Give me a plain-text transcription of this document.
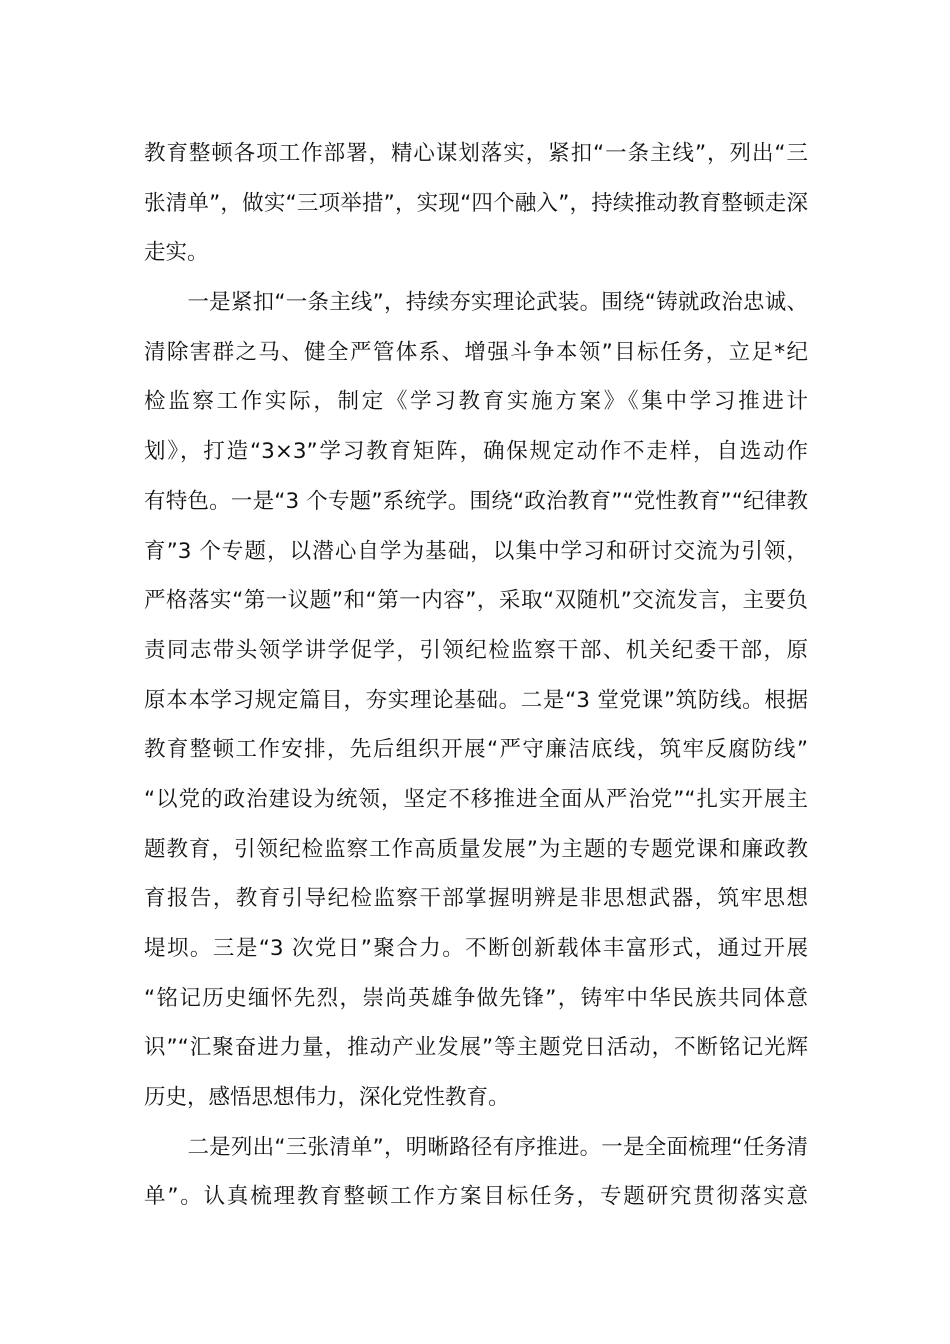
教育整顿各项工作部署，精心谋划落实，紧扣“一条主线”，列出“三
张清单”，做实“三项举措”，实现“四个融入”，持续推动教育整顿走深
走实。
　　一是紧扣“一条主线”，持续夯实理论武装。围绕“铸就政治忠诚、
清除害群之马、健全严管体系、增强斗争本领”目标任务，立足*纪
检监察工作实际，制定《学习教育实施方案》《集中学习推进计
划》，打造“3×3”学习教育矩阵，确保规定动作不走样，自选动作
有特色。一是“3 个专题”系统学。围绕“政治教育”“党性教育”“纪律教
育”3 个专题，以潜心自学为基础，以集中学习和研讨交流为引领，
严格落实“第一议题”和“第一内容”，采取“双随机”交流发言，主要负
责同志带头领学讲学促学，引领纪检监察干部、机关纪委干部，原
原本本学习规定篇目，夯实理论基础。二是“3 堂党课”筑防线。根据
教育整顿工作安排，先后组织开展“严守廉洁底线，筑牢反腐防线”
“以党的政治建设为统领，坚定不移推进全面从严治党”“扎实开展主
题教育，引领纪检监察工作高质量发展”为主题的专题党课和廉政教
育报告，教育引导纪检监察干部掌握明辨是非思想武器，筑牢思想
堤坝。三是“3 次党日”聚合力。不断创新载体丰富形式，通过开展
“铭记历史缅怀先烈，崇尚英雄争做先锋”，铸牢中华民族共同体意
识”“汇聚奋进力量，推动产业发展”等主题党日活动，不断铭记光辉
历史，感悟思想伟力，深化党性教育。
　　二是列出“三张清单”，明晰路径有序推进。一是全面梳理“任务清
单”。认真梳理教育整顿工作方案目标任务，专题研究贯彻落实意
